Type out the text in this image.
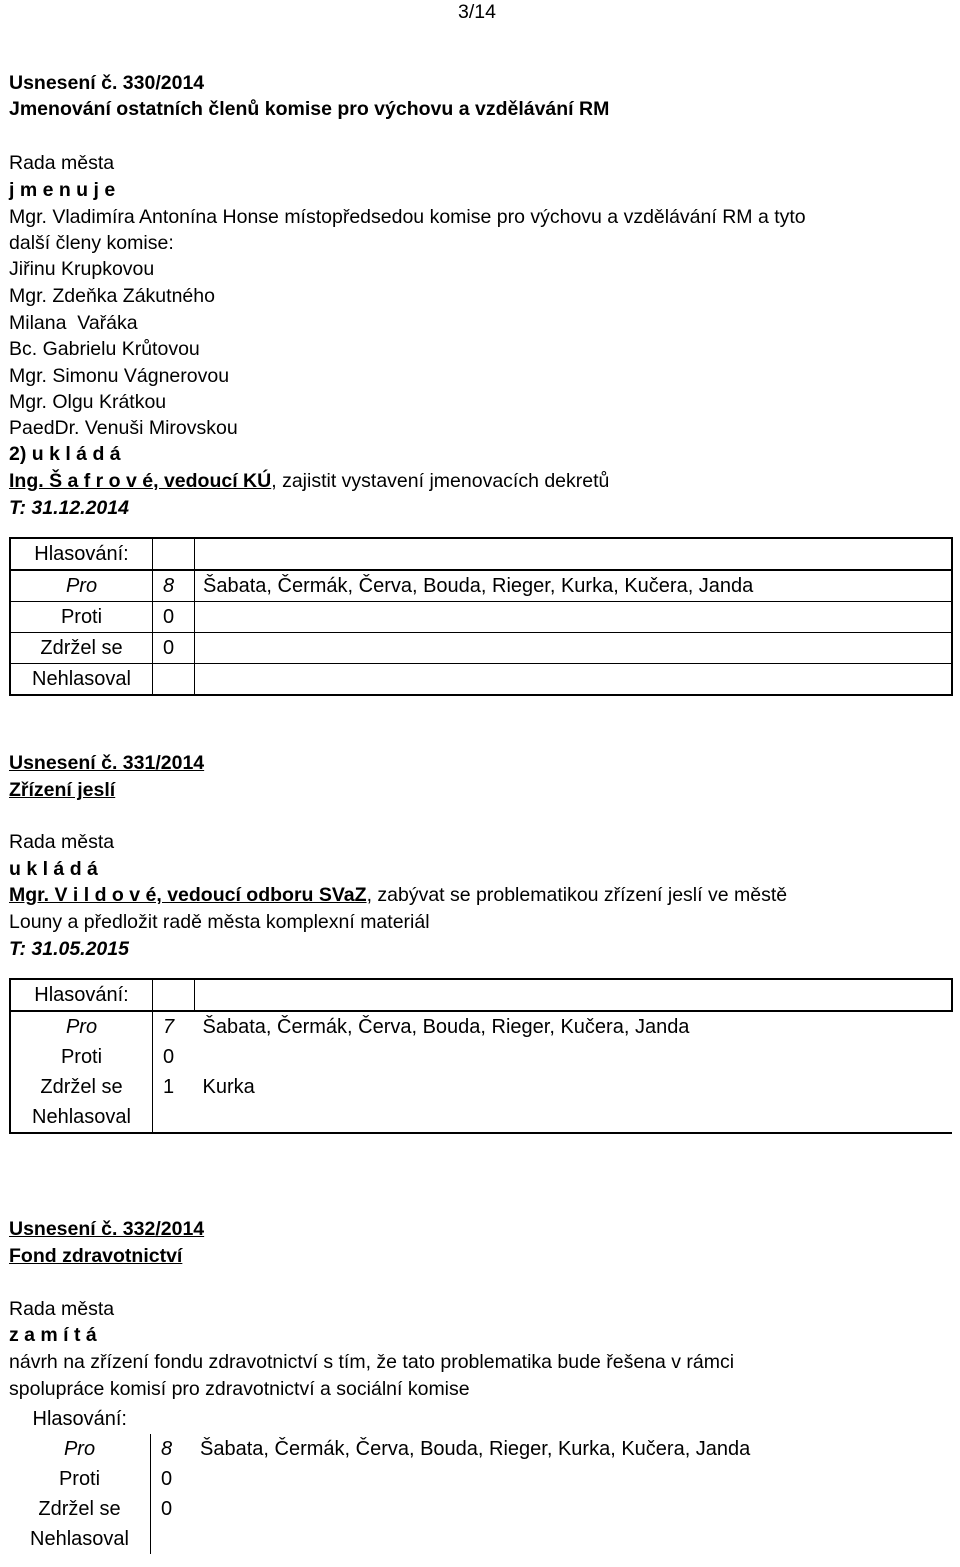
3/14
Usnesení č. 330/2014
Jmenování ostatních členů komise pro výchovu a vzdělávání RM
Rada města
j m e n u j e
Mgr. Vladimíra Antonína Honse místopředsedou komise pro výchovu a vzdělávání RM a tyto
další členy komise:
Jiřinu Krupkovou
Mgr. Zdeňka Zákutného
Milana  Vařáka
Bc. Gabrielu Krůtovou
Mgr. Simonu Vágnerovou
Mgr. Olgu Krátkou
PaedDr. Venuši Mirovskou
2) u k l á d á
Ing. Š a f r o v é, vedoucí KÚ, zajistit vystavení jmenovacích dekretů
T: 31.12.2014
Hlasování:		
Pro	8	Šabata, Čermák, Červa, Bouda, Rieger, Kurka, Kučera, Janda
Proti	0	
Zdržel se	0	
Nehlasoval		
Usnesení č. 331/2014
Zřízení jeslí
Rada města
u k l á d á
Mgr. V i l d o v é, vedoucí odboru SVaZ, zabývat se problematikou zřízení jeslí ve městě
Louny a předložit radě města komplexní materiál
T: 31.05.2015
Hlasování:		
Pro	7	Šabata, Čermák, Červa, Bouda, Rieger, Kučera, Janda
Proti	0	
Zdržel se	1	Kurka
Nehlasoval		
Usnesení č. 332/2014
Fond zdravotnictví
Rada města
z a m í t á
návrh na zřízení fondu zdravotnictví s tím, že tato problematika bude řešena v rámci
spolupráce komisí pro zdravotnictví a sociální komise
Hlasování:		
Pro	8	Šabata, Čermák, Červa, Bouda, Rieger, Kurka, Kučera, Janda
Proti	0	
Zdržel se	0	
Nehlasoval		
